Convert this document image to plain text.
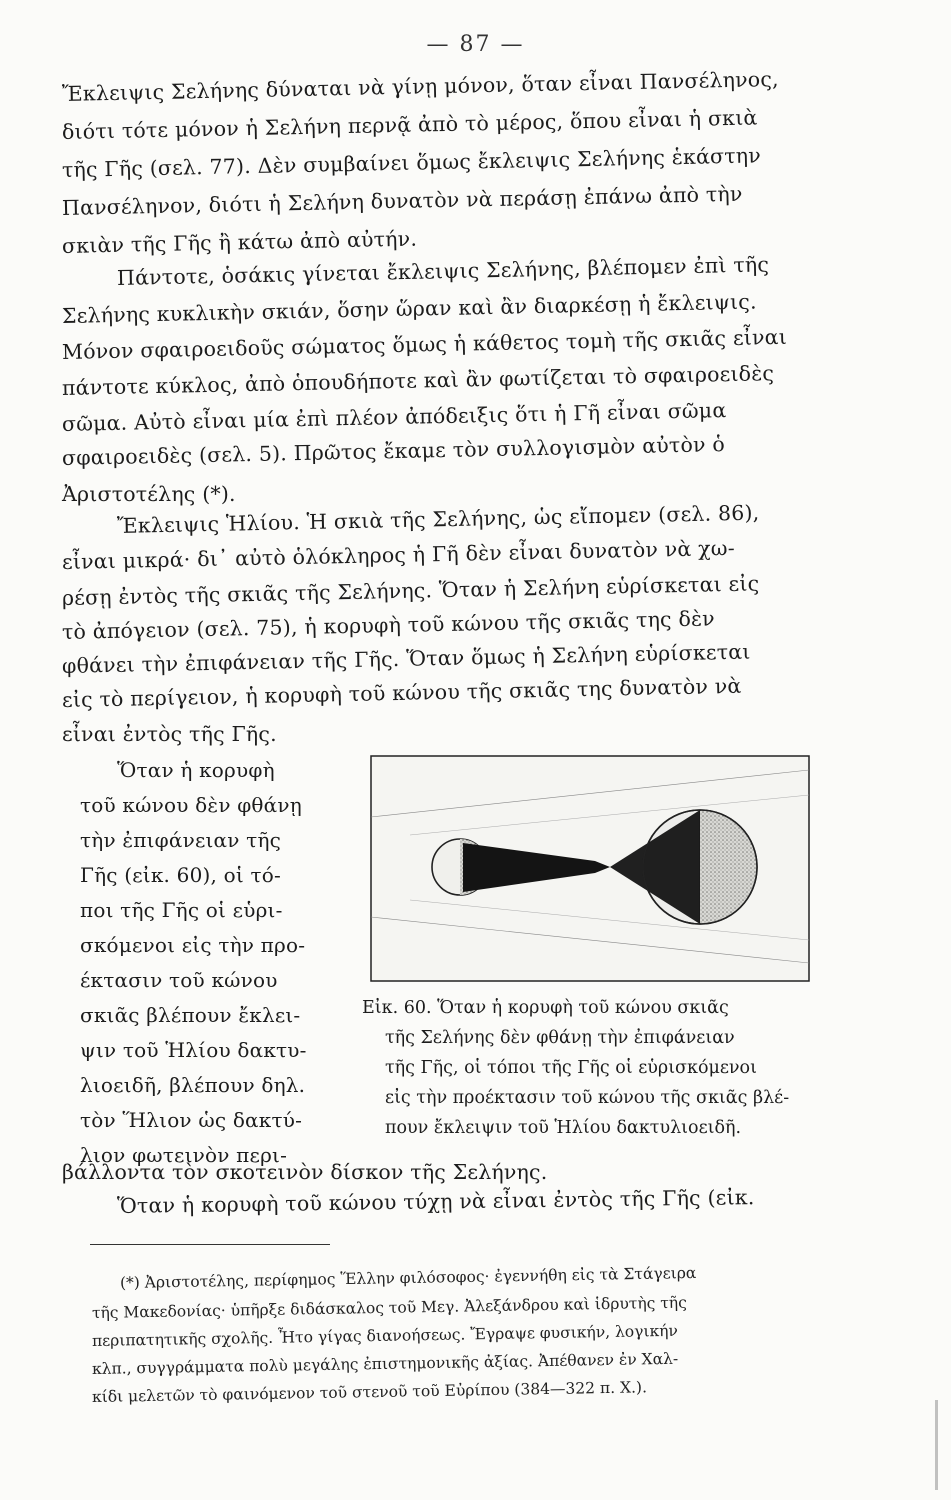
— 87 —
Ἔκλειψις Σελήνης δύναται νὰ γίνῃ μόνον, ὅταν εἶναι Πανσέληνος,
διότι τότε μόνον ἡ Σελήνη περνᾷ ἀπὸ τὸ μέρος, ὅπου εἶναι ἡ σκιὰ
τῆς Γῆς (σελ. 77). Δὲν συμβαίνει ὅμως ἔκλειψις Σελήνης ἑκάστην
Πανσέληνον, διότι ἡ Σελήνη δυνατὸν νὰ περάσῃ ἐπάνω ἀπὸ τὴν
σκιὰν τῆς Γῆς ἢ κάτω ἀπὸ αὐτήν.
Πάντοτε, ὁσάκις γίνεται ἔκλειψις Σελήνης, βλέπομεν ἐπὶ τῆς
Σελήνης κυκλικὴν σκιάν, ὅσην ὥραν καὶ ἂν διαρκέσῃ ἡ ἔκλειψις.
Μόνον σφαιροειδοῦς σώματος ὅμως ἡ κάθετος τομὴ τῆς σκιᾶς εἶναι
πάντοτε κύκλος, ἀπὸ ὁπουδήποτε καὶ ἂν φωτίζεται τὸ σφαιροειδὲς
σῶμα. Αὐτὸ εἶναι μία ἐπὶ πλέον ἀπόδειξις ὅτι ἡ Γῆ εἶναι σῶμα
σφαιροειδὲς (σελ. 5). Πρῶτος ἔκαμε τὸν συλλογισμὸν αὐτὸν ὁ
Ἀριστοτέλης (*).
Ἔκλειψις Ἡλίου. Ἡ σκιὰ τῆς Σελήνης, ὡς εἴπομεν (σελ. 86),
εἶναι μικρά· δι᾿ αὐτὸ ὁλόκληρος ἡ Γῆ δὲν εἶναι δυνατὸν νὰ χω-
ρέσῃ ἐντὸς τῆς σκιᾶς τῆς Σελήνης. Ὅταν ἡ Σελήνη εὑρίσκεται εἰς
τὸ ἀπόγειον (σελ. 75), ἡ κορυφὴ τοῦ κώνου τῆς σκιᾶς της δὲν
φθάνει τὴν ἐπιφάνειαν τῆς Γῆς. Ὅταν ὅμως ἡ Σελήνη εὑρίσκεται
εἰς τὸ περίγειον, ἡ κορυφὴ τοῦ κώνου τῆς σκιᾶς της δυνατὸν νὰ
εἶναι ἐντὸς τῆς Γῆς.
Ὅταν ἡ κορυφὴ
τοῦ κώνου δὲν φθάνῃ
τὴν ἐπιφάνειαν τῆς
Γῆς (εἰκ. 60), οἱ τό-
ποι τῆς Γῆς οἱ εὑρι-
σκόμενοι εἰς τὴν προ-
έκτασιν τοῦ κώνου
σκιᾶς βλέπουν ἔκλει-
ψιν τοῦ Ἡλίου δακτυ-
λιοειδῆ, βλέπουν δηλ.
τὸν Ἥλιον ὡς δακτύ-
λιον φωτεινὸν περι-
Εἰκ. 60. Ὅταν ἡ κορυφὴ τοῦ κώνου σκιᾶς
τῆς Σελήνης δὲν φθάνῃ τὴν ἐπιφάνειαν
τῆς Γῆς, οἱ τόποι τῆς Γῆς οἱ εὑρισκόμενοι
εἰς τὴν προέκτασιν τοῦ κώνου τῆς σκιᾶς βλέ-
πουν ἔκλειψιν τοῦ Ἡλίου δακτυλιοειδῆ.
βάλλοντα τὸν σκοτεινὸν δίσκον τῆς Σελήνης.
Ὅταν ἡ κορυφὴ τοῦ κώνου τύχῃ νὰ εἶναι ἐντὸς τῆς Γῆς (εἰκ.
(*) Ἀριστοτέλης, περίφημος Ἕλλην φιλόσοφος· ἐγεννήθη εἰς τὰ Στάγειρα
τῆς Μακεδονίας· ὑπῆρξε διδάσκαλος τοῦ Μεγ. Ἀλεξάνδρου καὶ ἱδρυτὴς τῆς
περιπατητικῆς σχολῆς. Ἦτο γίγας διανοήσεως. Ἔγραψε φυσικήν, λογικήν
κλπ., συγγράμματα πολὺ μεγάλης ἐπιστημονικῆς ἀξίας. Ἀπέθανεν ἐν Χαλ-
κίδι μελετῶν τὸ φαινόμενον τοῦ στενοῦ τοῦ Εὐρίπου (384—322 π. Χ.).
